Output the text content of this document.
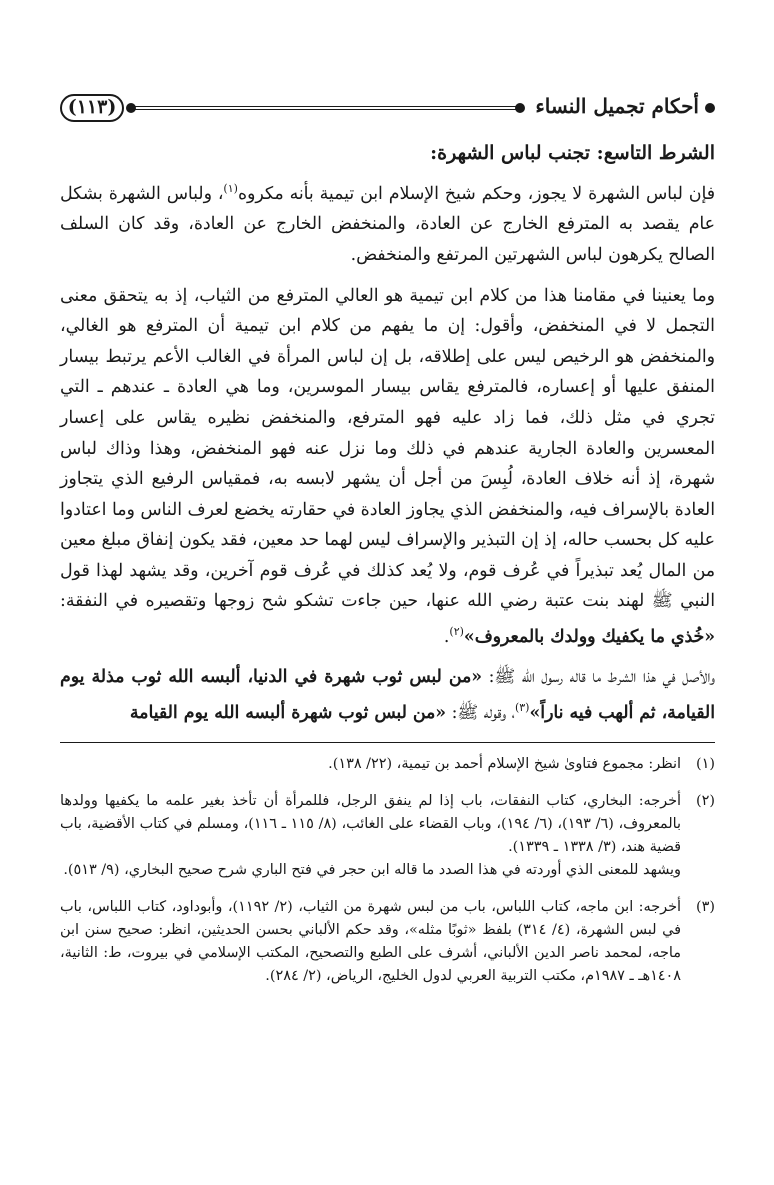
(١١٣)	أحكام تجميل النساء
الشرط التاسع: تجنب لباس الشهرة:

فإن لباس الشهرة لا يجوز، وحكم شيخ الإسلام ابن تيمية بأنه مكروه$^{(١)}$، ولباس الشهرة بشكل عام يقصد به المترفع الخارج عن العادة، والمنخفض الخارج عن العادة، وقد كان السلف الصالح يكرهون لباس الشهرتين المرتفع والمنخفض.

وما يعنينا في مقامنا هذا من كلام ابن تيمية هو العالي المترفع من الثياب، إذ به يتحقق معنى التجمل لا في المنخفض، وأقول: إن ما يفهم من كلام ابن تيمية أن المترفع هو الغالي، والمنخفض هو الرخيص ليس على إطلاقه، بل إن لباس المرأة في الغالب الأعم يرتبط بيسار المنفق عليها أو إعساره، فالمترفع يقاس بيسار الموسرين، وما هي العادة ـ عندهم ـ التي تجري في مثل ذلك، فما زاد عليه فهو المترفع، والمنخفض نظيره يقاس على إعسار المعسرين والعادة الجارية عندهم في ذلك وما نزل عنه فهو المنخفض، وهذا وذاك لباس شهرة، إذ أنه خلاف العادة، لُبِسَ من أجل أن يشهر لابسه به، فمقياس الرفيع الذي يتجاوز العادة بالإسراف فيه، والمنخفض الذي يجاوز العادة في حقارته يخضع لعرف الناس وما اعتادوا عليه كل بحسب حاله، إذ إن التبذير والإسراف ليس لهما حد معين، فقد يكون إنفاق مبلغ معين من المال يُعد تبذيراً في عُرف قوم، ولا يُعد كذلك في عُرف قوم آخرين، وقد يشهد لهذا قول النبي ﷺ لهند بنت عتبة رضي الله عنها، حين جاءت تشكو شح زوجها وتقصيره في النفقة: «خُذي ما يكفيك وولدك بالمعروف»$^{(٢)}$.

والأصل في هذا الشرط ما قاله رسول الله ﷺ: «من لبس ثوب شهرة في الدنيا، ألبسه الله ثوب مذلة يوم القيامة، ثم ألهب فيه ناراً»$^{(٣)}$، وقوله ﷺ: «من لبس ثوب شهرة ألبسه الله يوم القيامة

(١)
انظر: مجموع فتاوىٰ شيخ الإسلام أحمد بن تيمية، (٢٢/ ١٣٨).
(٢)
أخرجه: البخاري، كتاب النفقات، باب إذا لم ينفق الرجل، فللمرأة أن تأخذ بغير علمه ما يكفيها وولدها بالمعروف، (٦/ ١٩٣)، (٦/ ١٩٤)، وباب القضاء على الغائب، (٨/ ١١٥ ـ ١١٦)، ومسلم في كتاب الأقضية، باب قضية هند، (٣/ ١٣٣٨ ـ ١٣٣٩).
ويشهد للمعنى الذي أوردته في هذا الصدد ما قاله ابن حجر في فتح الباري شرح صحيح البخاري، (٩/ ٥١٣).
(٣)
أخرجه: ابن ماجه، كتاب اللباس، باب من لبس شهرة من الثياب، (٢/ ١١٩٢)، وأبوداود، كتاب اللباس، باب في لبس الشهرة، (٤/ ٣١٤) بلفظ «ثوبًا مثله»، وقد حكم الألباني بحسن الحديثين، انظر: صحيح سنن ابن ماجه، لمحمد ناصر الدين الألباني، أشرف على الطبع والتصحيح، المكتب الإسلامي في بيروت، ط: الثانية، ١٤٠٨هـ ـ ١٩٨٧م، مكتب التربية العربي لدول الخليج، الرياض، (٢/ ٢٨٤).
